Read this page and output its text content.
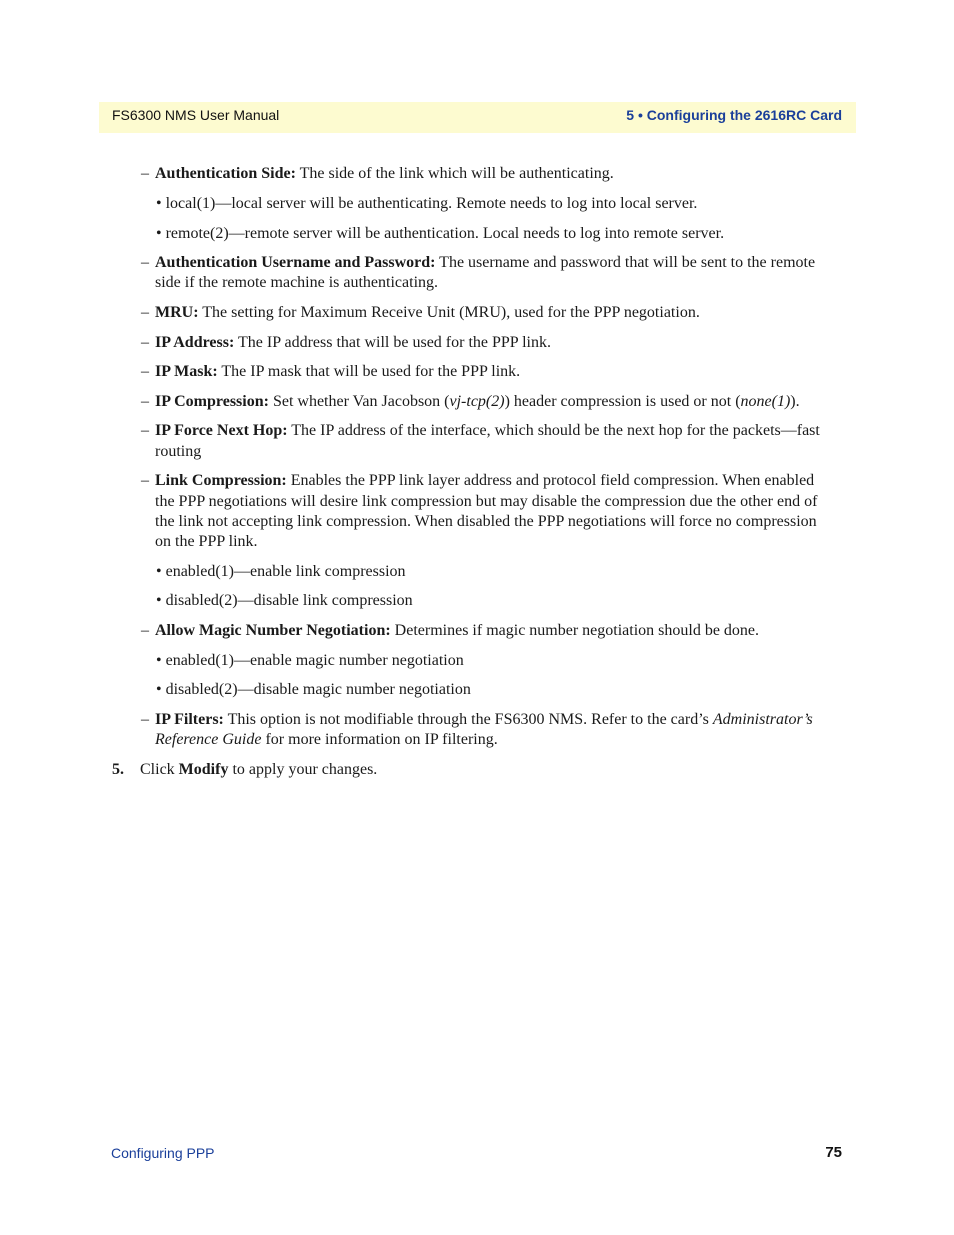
FS6300 NMS User Manual	5 • Configuring the 2616RC Card
– Authentication Side: The side of the link which will be authenticating.
• local(1)—local server will be authenticating. Remote needs to log into local server.
• remote(2)—remote server will be authentication. Local needs to log into remote server.
– Authentication Username and Password: The username and password that will be sent to the remote
side if the remote machine is authenticating.
– MRU: The setting for Maximum Receive Unit (MRU), used for the PPP negotiation.
– IP Address: The IP address that will be used for the PPP link.
– IP Mask: The IP mask that will be used for the PPP link.
– IP Compression: Set whether Van Jacobson (vj-tcp(2)) header compression is used or not (none(1)).
– IP Force Next Hop: The IP address of the interface, which should be the next hop for the packets—fast
routing
– Link Compression: Enables the PPP link layer address and protocol field compression. When enabled
the PPP negotiations will desire link compression but may disable the compression due the other end of
the link not accepting link compression. When disabled the PPP negotiations will force no compression
on the PPP link.
• enabled(1)—enable link compression
• disabled(2)—disable link compression
– Allow Magic Number Negotiation: Determines if magic number negotiation should be done.
• enabled(1)—enable magic number negotiation
• disabled(2)—disable magic number negotiation
– IP Filters: This option is not modifiable through the FS6300 NMS. Refer to the card’s Administrator’s
Reference Guide for more information on IP filtering.
5. Click Modify to apply your changes.
Configuring PPP	75
